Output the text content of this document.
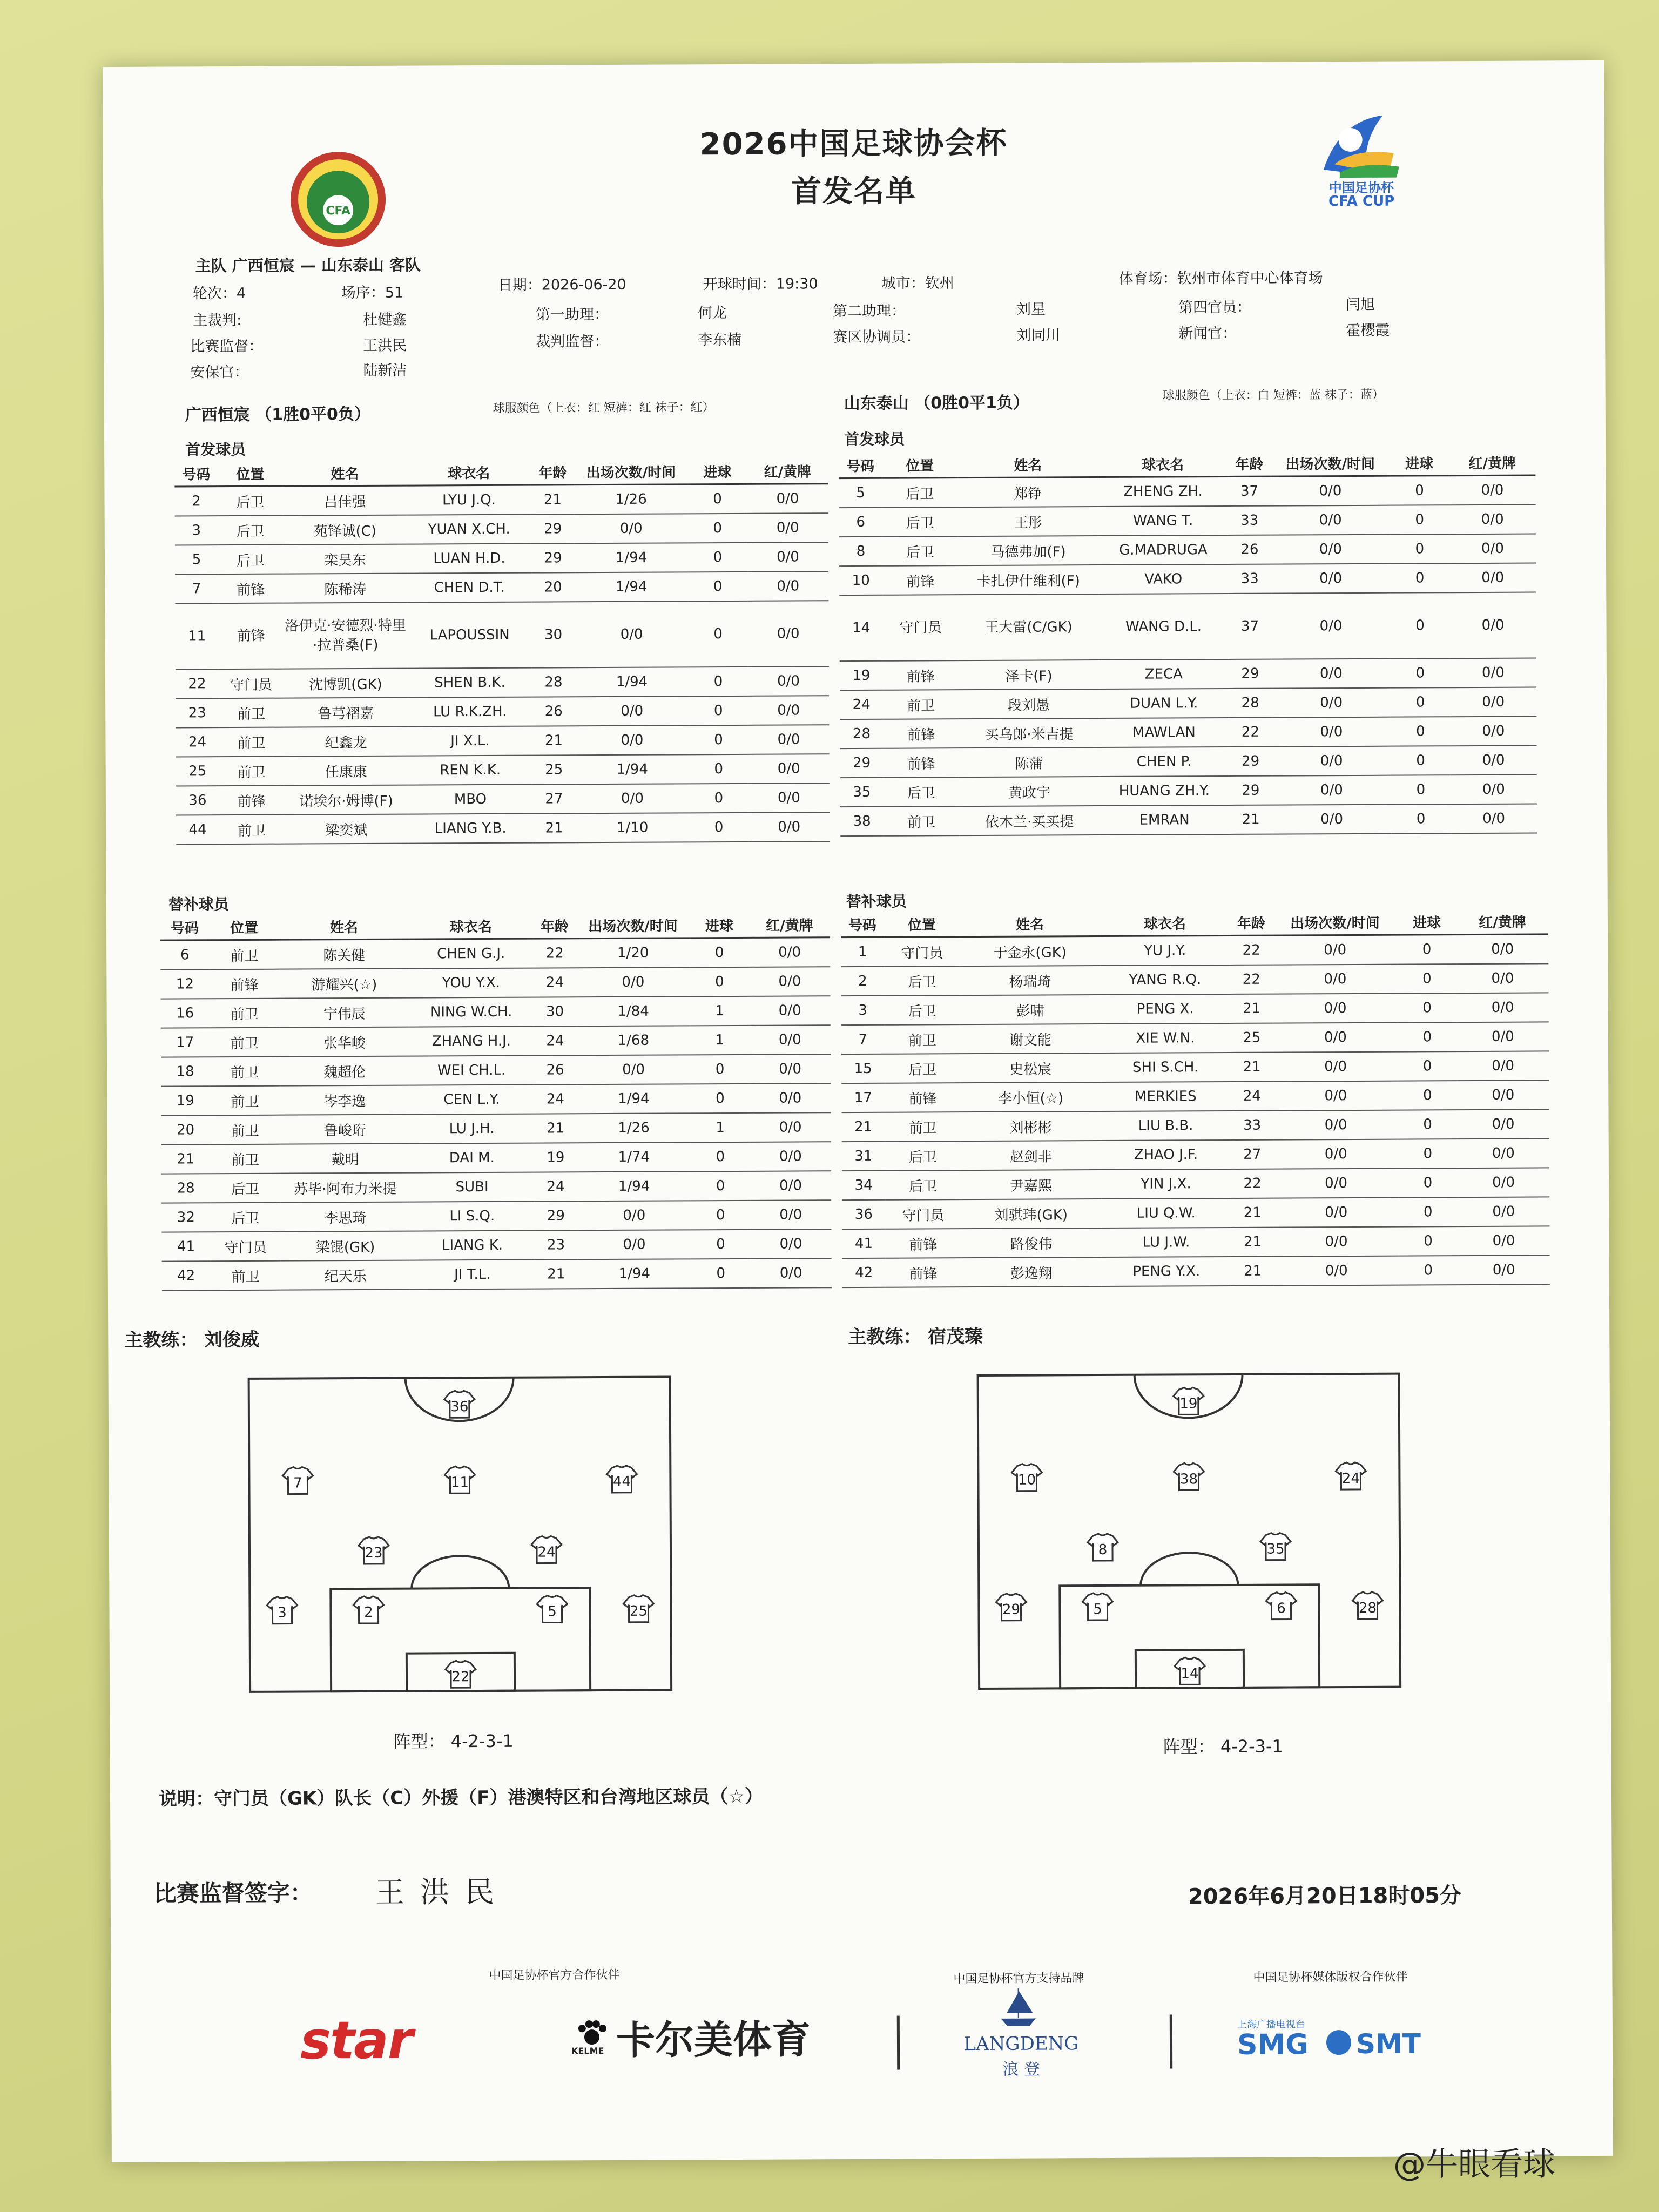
CFA
中国足协杯
CFA CUP
2026中国足球协会杯
首发名单
主队 广西恒宸 — 山东泰山 客队
轮次：4	场序：51	日期：2026-06-20	开球时间：19:30	城市：钦州	体育场：钦州市体育中心体育场
主裁判:	杜健鑫	第一助理：	何龙	第二助理：	刘星	第四官员：	闫旭
比赛监督：	王洪民	裁判监督：	李东楠	赛区协调员：	刘同川	新闻官：	霍樱霞
安保官：	陆新洁
广西恒宸 （1胜0平0负）	球服颜色（上衣：红 短裤：红 袜子：红）	山东泰山 （0胜0平1负）	球服颜色（上衣：白 短裤：蓝 袜子：蓝）
首发球员
首发球员
号码	位置	姓名	球衣名	年龄	出场次数/时间	进球	红/黄牌
2	后卫	吕佳强	LYU J.Q.	21	1/26	0	0/0
3	后卫	苑铎诚(C)	YUAN X.CH.	29	0/0	0	0/0
5	后卫	栾昊东	LUAN H.D.	29	1/94	0	0/0
7	前锋	陈稀涛	CHEN D.T.	20	1/94	0	0/0
11	前锋	洛伊克·安德烈·特里·拉普桑(F)	LAPOUSSIN	30	0/0	0	0/0
22	守门员	沈博凯(GK)	SHEN B.K.	28	1/94	0	0/0
23	前卫	鲁芎褶嘉	LU R.K.ZH.	26	0/0	0	0/0
24	前卫	纪鑫龙	JI X.L.	21	0/0	0	0/0
25	前卫	任康康	REN K.K.	25	1/94	0	0/0
36	前锋	诺埃尔·姆博(F)	MBO	27	0/0	0	0/0
44	前卫	梁奕斌	LIANG Y.B.	21	1/10	0	0/0
号码	位置	姓名	球衣名	年龄	出场次数/时间	进球	红/黄牌
5	后卫	郑铮	ZHENG ZH.	37	0/0	0	0/0
6	后卫	王彤	WANG T.	33	0/0	0	0/0
8	后卫	马德弗加(F)	G.MADRUGA	26	0/0	0	0/0
10	前锋	卡扎伊什维利(F)	VAKO	33	0/0	0	0/0
14	守门员	王大雷(C/GK)	WANG D.L.	37	0/0	0	0/0
19	前锋	泽卡(F)	ZECA	29	0/0	0	0/0
24	前卫	段刘愚	DUAN L.Y.	28	0/0	0	0/0
28	前锋	买乌郎·米吉提	MAWLAN	22	0/0	0	0/0
29	前锋	陈蒲	CHEN P.	29	0/0	0	0/0
35	后卫	黄政宇	HUANG ZH.Y.	29	0/0	0	0/0
38	前卫	依木兰·买买提	EMRAN	21	0/0	0	0/0
替补球员	替补球员
号码	位置	姓名	球衣名	年龄	出场次数/时间	进球	红/黄牌
6	前卫	陈关健	CHEN G.J.	22	1/20	0	0/0
12	前锋	游耀兴(☆)	YOU Y.X.	24	0/0	0	0/0
16	前卫	宁伟辰	NING W.CH.	30	1/84	1	0/0
17	前卫	张华峻	ZHANG H.J.	24	1/68	1	0/0
18	前卫	魏超伦	WEI CH.L.	26	0/0	0	0/0
19	前卫	岑李逸	CEN L.Y.	24	1/94	0	0/0
20	前卫	鲁峻珩	LU J.H.	21	1/26	1	0/0
21	前卫	戴明	DAI M.	19	1/74	0	0/0
28	后卫	苏毕·阿布力米提	SUBI	24	1/94	0	0/0
32	后卫	李思琦	LI S.Q.	29	0/0	0	0/0
41	守门员	梁锟(GK)	LIANG K.	23	0/0	0	0/0
42	前卫	纪天乐	JI T.L.	21	1/94	0	0/0
号码	位置	姓名	球衣名	年龄	出场次数/时间	进球	红/黄牌
1	守门员	于金永(GK)	YU J.Y.	22	0/0	0	0/0
2	后卫	杨瑞琦	YANG R.Q.	22	0/0	0	0/0
3	后卫	彭啸	PENG X.	21	0/0	0	0/0
7	前卫	谢文能	XIE W.N.	25	0/0	0	0/0
15	后卫	史松宸	SHI S.CH.	21	0/0	0	0/0
17	前锋	李小恒(☆)	MERKIES	24	0/0	0	0/0
21	前卫	刘彬彬	LIU B.B.	33	0/0	0	0/0
31	后卫	赵剑非	ZHAO J.F.	27	0/0	0	0/0
34	后卫	尹嘉熙	YIN J.X.	22	0/0	0	0/0
36	守门员	刘骐玮(GK)	LIU Q.W.	21	0/0	0	0/0
41	前锋	路俊伟	LU J.W.	21	0/0	0	0/0
42	前锋	彭逸翔	PENG Y.X.	21	0/0	0	0/0
主教练： 刘俊威	主教练： 宿茂臻
36
7	11	44
23	24
3	2	5	25
22
19
10	38	24
8	35
29	5	6	28
14
阵型： 4-2-3-1	阵型： 4-2-3-1
说明：守门员（GK）队长（C）外援（F）港澳特区和台湾地区球员（☆）
比赛监督签字： 王 洪 民	2026年6月20日18时05分
中国足协杯官方合作伙伴	中国足协杯官方支持品牌	中国足协杯媒体版权合作伙伴
star	KELME 卡尔美体育	LANGDENG
浪 登
上海广播电视台
SMG SMT
@牛眼看球
